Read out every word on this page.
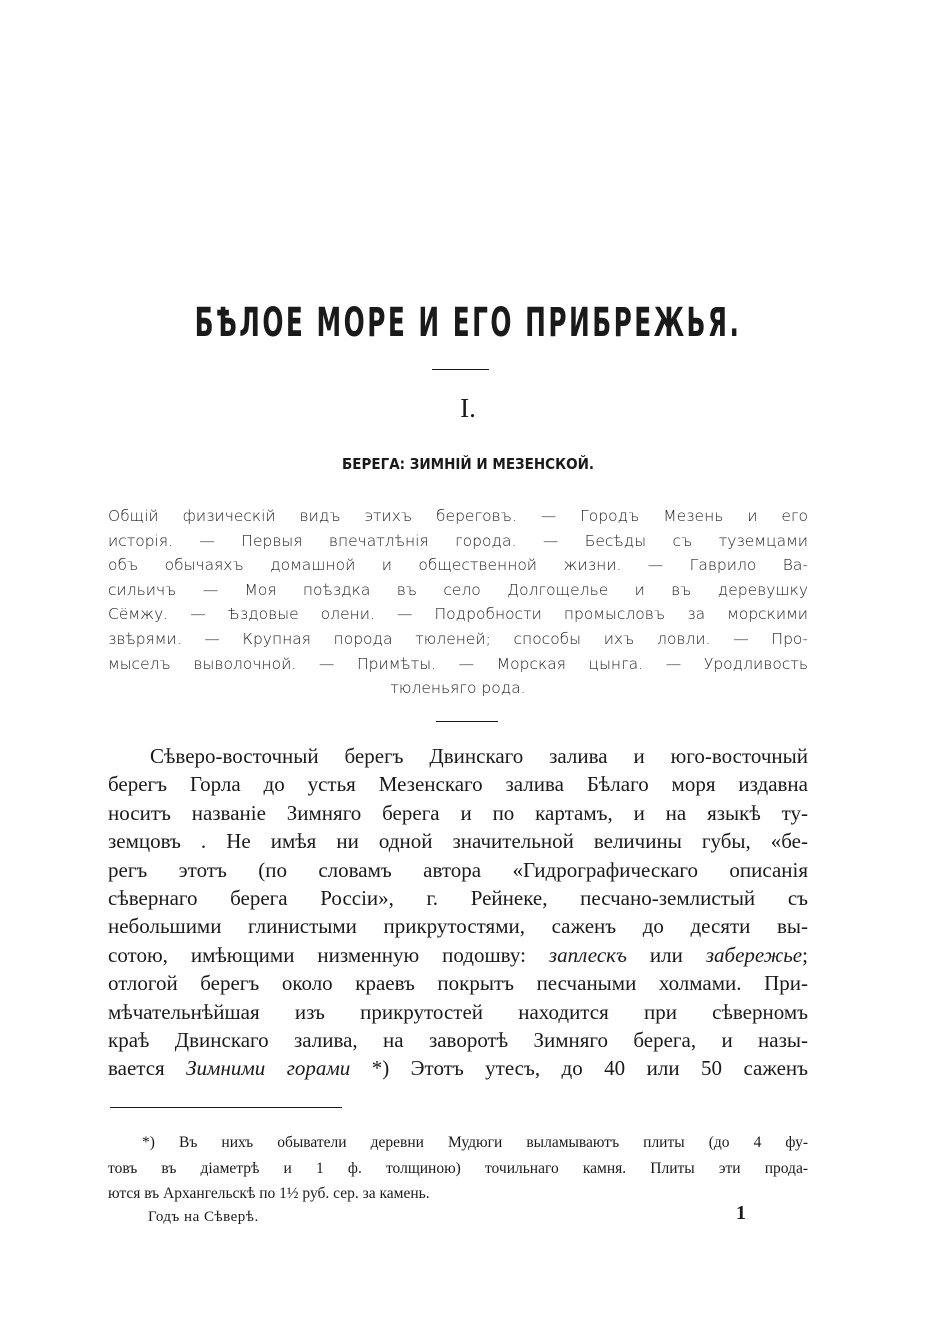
БѢЛОЕ МОРЕ И ЕГО ПРИБРЕЖЬЯ.
I.
БЕРЕГА: ЗИМНІЙ И МЕЗЕНСКОЙ.
Общій физическій видъ этихъ береговъ. — Городъ Мезень и его
исторія. — Первыя впечатлѣнія города. — Бесѣды съ туземцами
объ обычаяхъ домашной и общественной жизни. — Гаврило Ва-
сильичъ — Моя поѣздка въ село Долгощелье и въ деревушку
Сёмжу. — Ѣздовые олени. — Подробности промысловъ за морскими
звѣрями. — Крупная порода тюленей; способы ихъ ловли. — Про-
мыселъ выволочной. — Примѣты. — Морская цынга. — Уродливость
тюленьяго рода.
Сѣверо-восточный берегъ Двинскаго залива и юго-восточный
берегъ Горла до устья Мезенскаго залива Бѣлаго моря издавна
носитъ названіе Зимняго берега и по картамъ, и на языкѣ ту-
земцовъ . Не имѣя ни одной значительной величины губы, «бе-
регъ этотъ (по словамъ автора «Гидрографическаго описанія
сѣвернаго берега Россіи», г. Рейнеке, песчано-землистый съ
небольшими глинистыми прикрутостями, саженъ до десяти вы-
сотою, имѣющими низменную подошву: заплескъ или забережье;
отлогой берегъ около краевъ покрытъ песчаными холмами. При-
мѣчательнѣйшая изъ прикрутостей находится при сѣверномъ
краѣ Двинскаго залива, на заворотѣ Зимняго берега, и назы-
вается Зимними горами *) Этотъ утесъ, до 40 или 50 саженъ
*) Въ нихъ обыватели деревни Мудюги выламываютъ плиты (до 4 фу-
товъ въ діаметрѣ и 1 ф. толщиною) точильнаго камня. Плиты эти прода-
ются въ Архангельскѣ по 1½ руб. сер. за камень.
Годъ на Сѣверѣ.	1
